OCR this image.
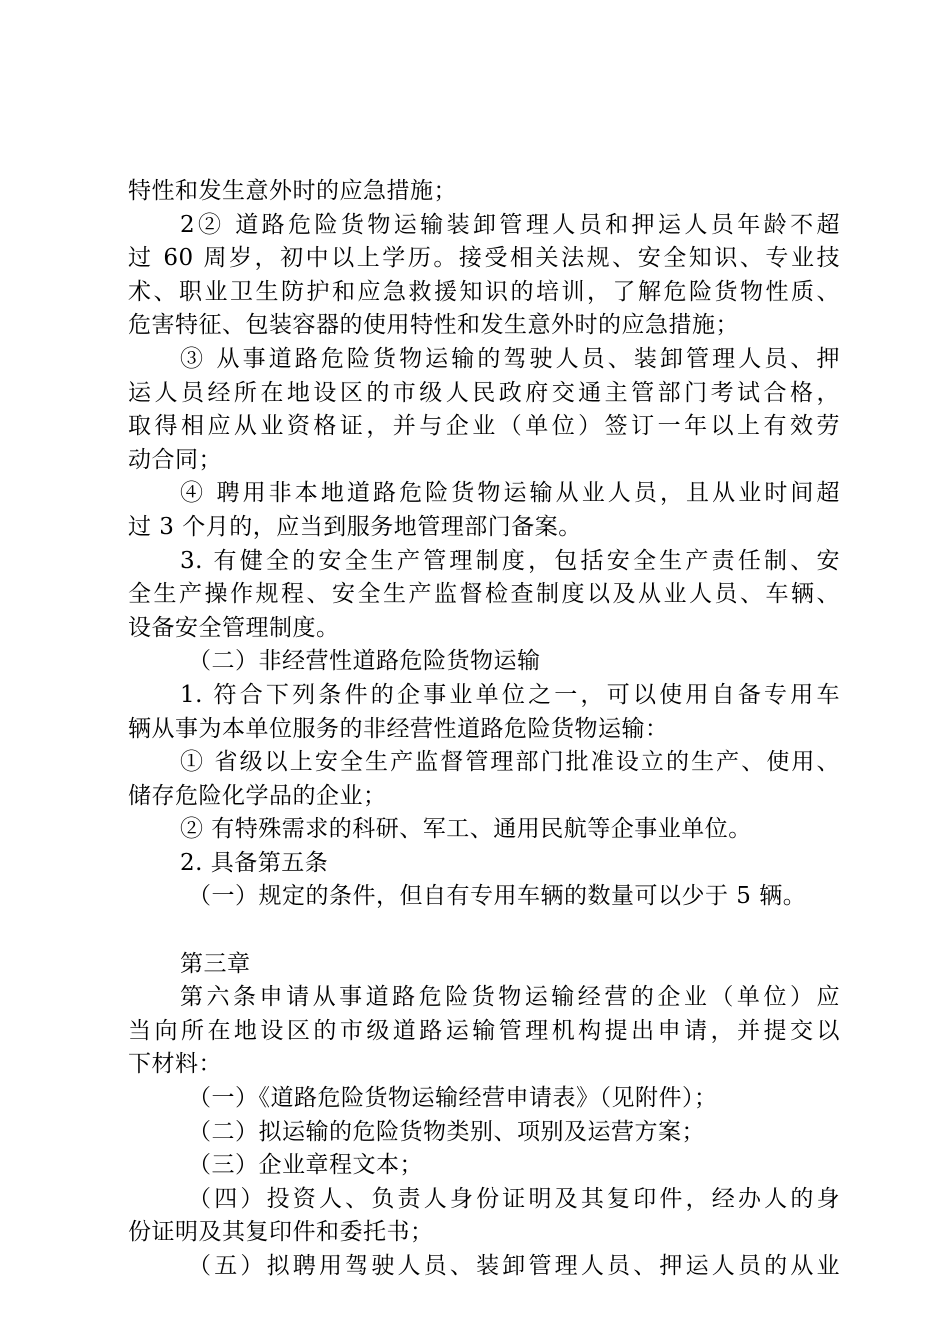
特性和发生意外时的应急措施；
2② 道路危险货物运输装卸管理人员和押运人员年龄不超
过 60 周岁，初中以上学历。接受相关法规、安全知识、专业技
术、职业卫生防护和应急救援知识的培训，了解危险货物性质、
危害特征、包装容器的使用特性和发生意外时的应急措施；
③ 从事道路危险货物运输的驾驶人员、装卸管理人员、押
运人员经所在地设区的市级人民政府交通主管部门考试合格，
取得相应从业资格证，并与企业（单位）签订一年以上有效劳
动合同；
④ 聘用非本地道路危险货物运输从业人员，且从业时间超
过 3 个月的，应当到服务地管理部门备案。
3. 有健全的安全生产管理制度，包括安全生产责任制、安
全生产操作规程、安全生产监督检查制度以及从业人员、车辆、
设备安全管理制度。
（二）非经营性道路危险货物运输
1. 符合下列条件的企事业单位之一，可以使用自备专用车
辆从事为本单位服务的非经营性道路危险货物运输：
① 省级以上安全生产监督管理部门批准设立的生产、使用、
储存危险化学品的企业；
② 有特殊需求的科研、军工、通用民航等企事业单位。
2. 具备第五条
（一）规定的条件，但自有专用车辆的数量可以少于 5 辆。
第三章
第六条申请从事道路危险货物运输经营的企业（单位）应
当向所在地设区的市级道路运输管理机构提出申请，并提交以
下材料：
（一）《道路危险货物运输经营申请表》（见附件）；
（二）拟运输的危险货物类别、项别及运营方案；
（三）企业章程文本；
（四）投资人、负责人身份证明及其复印件，经办人的身
份证明及其复印件和委托书；
（五）拟聘用驾驶人员、装卸管理人员、押运人员的从业
